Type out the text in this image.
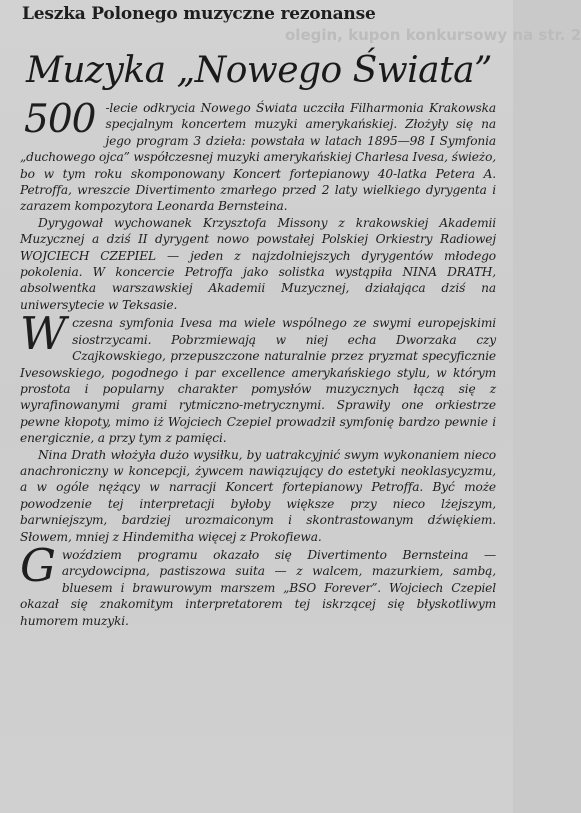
olegin, kupon konkursowy na str. 2
Leszka Polonego muzyczne rezonanse
Muzyka „Nowego Świata”

500 -lecie odkrycia Nowego Świata uczciła Filharmonia Krakowska specjalnym koncertem muzyki amerykańskiej. Złożyły się na jego program 3 dzieła: powstała w latach 1895—98 I Symfonia „duchowego ojca” współczesnej muzyki amerykańskiej Charlesa Ivesa, świeżo, bo w tym roku skomponowany Koncert fortepianowy 40-latka Petera A. Petroffa, wreszcie Divertimento zmarłego przed 2 laty wielkiego dyrygenta i zarazem kompozytora Leonarda Bernsteina.

Dyrygował wychowanek Krzysztofa Missony z krakowskiej Akademii Muzycznej a dziś II dyrygent nowo powstałej Polskiej Orkiestry Radiowej WOJCIECH CZEPIEL — jeden z najzdolniejszych dyrygentów młodego pokolenia. W koncercie Petroffa jako solistka wystąpiła NINA DRATH, absolwentka warszawskiej Akademii Muzycznej, działająca dziś na uniwersytecie w Teksasie.

Wczesna symfonia Ivesa ma wiele wspólnego ze swymi europejskimi siostrzycami. Pobrzmiewają w niej echa Dworzaka czy Czajkowskiego, przepuszczone naturalnie przez pryzmat specyficznie Ivesowskiego, pogodnego i par excellence amerykańskiego stylu, w którym prostota i popularny charakter pomysłów muzycznych łączą się z wyrafinowanymi grami rytmiczno-metrycznymi. Sprawiły one orkiestrze pewne kłopoty, mimo iż Wojciech Czepiel prowadził symfonię bardzo pewnie i energicznie, a przy tym z pamięci.

Nina Drath włożyła dużo wysiłku, by uatrakcyjnić swym wykonaniem nieco anachroniczny w koncepcji, żywcem nawiązujący do estetyki neoklasycyzmu, a w ogóle nężący w narracji Koncert fortepianowy Petroffa. Być może powodzenie tej interpretacji byłoby większe przy nieco lżejszym, barwniejszym, bardziej urozmaiconym i skontrastowanym dźwiękiem. Słowem, mniej z Hindemitha więcej z Prokofiewa.

Gwoździem programu okazało się Divertimento Bernsteina — arcydowcipna, pastiszowa suita — z walcem, mazurkiem, sambą, bluesem i brawurowym marszem „BSO Forever”. Wojciech Czepiel okazał się znakomitym interpretatorem tej iskrzącej się błyskotliwym humorem muzyki.
